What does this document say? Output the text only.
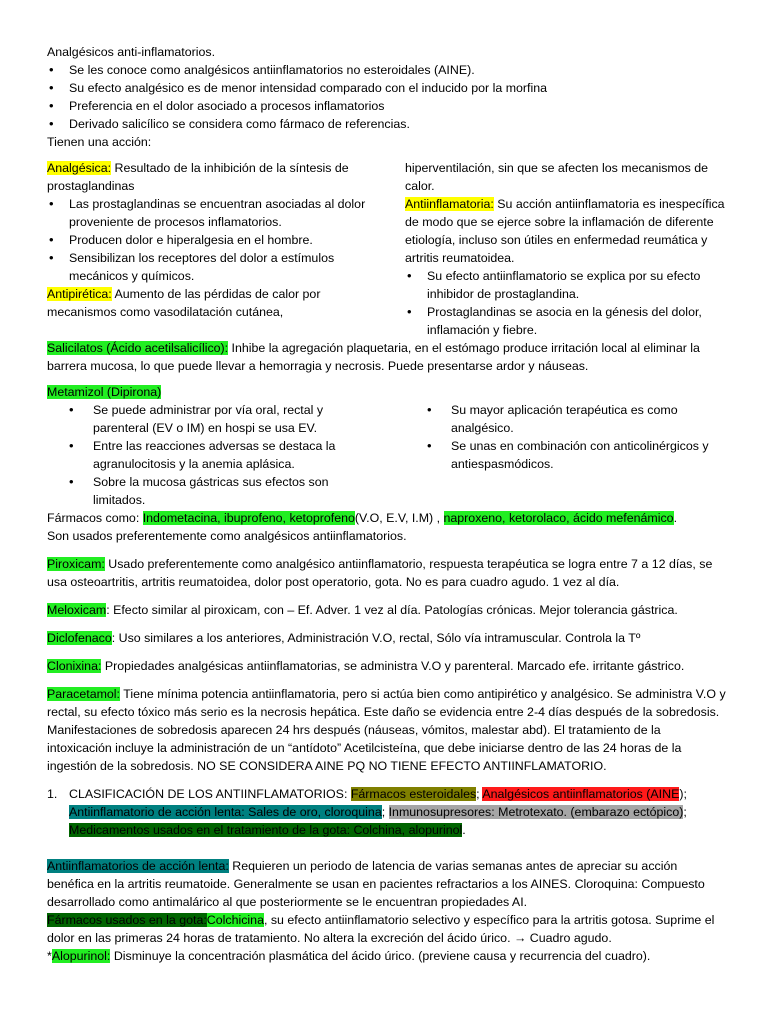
Analgésicos anti-inflamatorios.

• Se les conoce como analgésicos antiinflamatorios no esteroidales (AINE).
• Su efecto analgésico es de menor intensidad comparado con el inducido por la morfina
• Preferencia en el dolor asociado a procesos inflamatorios
• Derivado salicílico se considera como fármaco de referencias.

Tienen una acción:

Analgésica: Resultado de la inhibición de la síntesis de prostaglandinas

• Las prostaglandinas se encuentran asociadas al dolor proveniente de procesos inflamatorios.
• Producen dolor e hiperalgesia en el hombre.
• Sensibilizan los receptores del dolor a estímulos mecánicos y químicos.

Antipirética: Aumento de las pérdidas de calor por mecanismos como vasodilatación cutánea,

hiperventilación, sin que se afecten los mecanismos de calor.

Antiinflamatoria: Su acción antiinflamatoria es inespecífica de modo que se ejerce sobre la inflamación de diferente etiología, incluso son útiles en enfermedad reumática y artritis reumatoidea.

• Su efecto antiinflamatorio se explica por su efecto inhibidor de prostaglandina.
• Prostaglandinas se asocia en la génesis del dolor, inflamación y fiebre.

Salicilatos (Ácido acetilsalicílico): Inhibe la agregación plaquetaria, en el estómago produce irritación local al eliminar la barrera mucosa, lo que puede llevar a hemorragia y necrosis. Puede presentarse ardor y náuseas.

Metamizol (Dipirona)

• Se puede administrar por vía oral, rectal y parenteral (EV o IM) en hospi se usa EV.
• Entre las reacciones adversas se destaca la agranulocitosis y la anemia aplásica.
• Sobre la mucosa gástricas sus efectos son limitados.
• Su mayor aplicación terapéutica es como analgésico.
• Se unas en combinación con anticolinérgicos y antiespasmódicos.

Fármacos como: Indometacina, ibuprofeno, ketoprofeno(V.O, E.V, I.M) , naproxeno, ketorolaco, ácido mefenámico.

Son usados preferentemente como analgésicos antiinflamatorios.

Piroxicam: Usado preferentemente como analgésico antiinflamatorio, respuesta terapéutica se logra entre 7 a 12 días, se usa osteoartritis, artritis reumatoidea, dolor post operatorio, gota. No es para cuadro agudo. 1 vez al día.

Meloxicam: Efecto similar al piroxicam, con – Ef. Adver. 1 vez al día. Patologías crónicas. Mejor tolerancia gástrica.

Diclofenaco: Uso similares a los anteriores, Administración V.O, rectal, Sólo vía intramuscular. Controla la Tº

Clonixina: Propiedades analgésicas antiinflamatorias, se administra V.O y parenteral. Marcado efe. irritante gástrico.

Paracetamol: Tiene mínima potencia antiinflamatoria, pero si actúa bien como antipirético y analgésico. Se administra V.O y rectal, su efecto tóxico más serio es la necrosis hepática. Este daño se evidencia entre 2-4 días después de la sobredosis. Manifestaciones de sobredosis aparecen 24 hrs después (náuseas, vómitos, malestar abd). El tratamiento de la intoxicación incluye la administración de un “antídoto” Acetilcisteína, que debe iniciarse dentro de las 24 horas de la ingestión de la sobredosis. NO SE CONSIDERA AINE PQ NO TIENE EFECTO ANTIINFLAMATORIO.

1. CLASIFICACIÓN DE LOS ANTIINFLAMATORIOS: Fármacos esteroidales; Analgésicos antiinflamatorios (AINE); Antiinflamatorio de acción lenta: Sales de oro, cloroquina; Inmunosupresores: Metrotexato. (embarazo ectópico); Medicamentos usados en el tratamiento de la gota: Colchina, alopurinol.

Antiinflamatorios de acción lenta: Requieren un periodo de latencia de varias semanas antes de apreciar su acción benéfica en la artritis reumatoide. Generalmente se usan en pacientes refractarios a los AINES. Cloroquina: Compuesto desarrollado como antimalárico al que posteriormente se le encuentran propiedades AI.

Fármacos usados en la gota:Colchicina, su efecto antiinflamatorio selectivo y específico para la artritis gotosa. Suprime el dolor en las primeras 24 horas de tratamiento. No altera la excreción del ácido úrico. → Cuadro agudo.

*Alopurinol: Disminuye la concentración plasmática del ácido úrico. (previene causa y recurrencia del cuadro).
